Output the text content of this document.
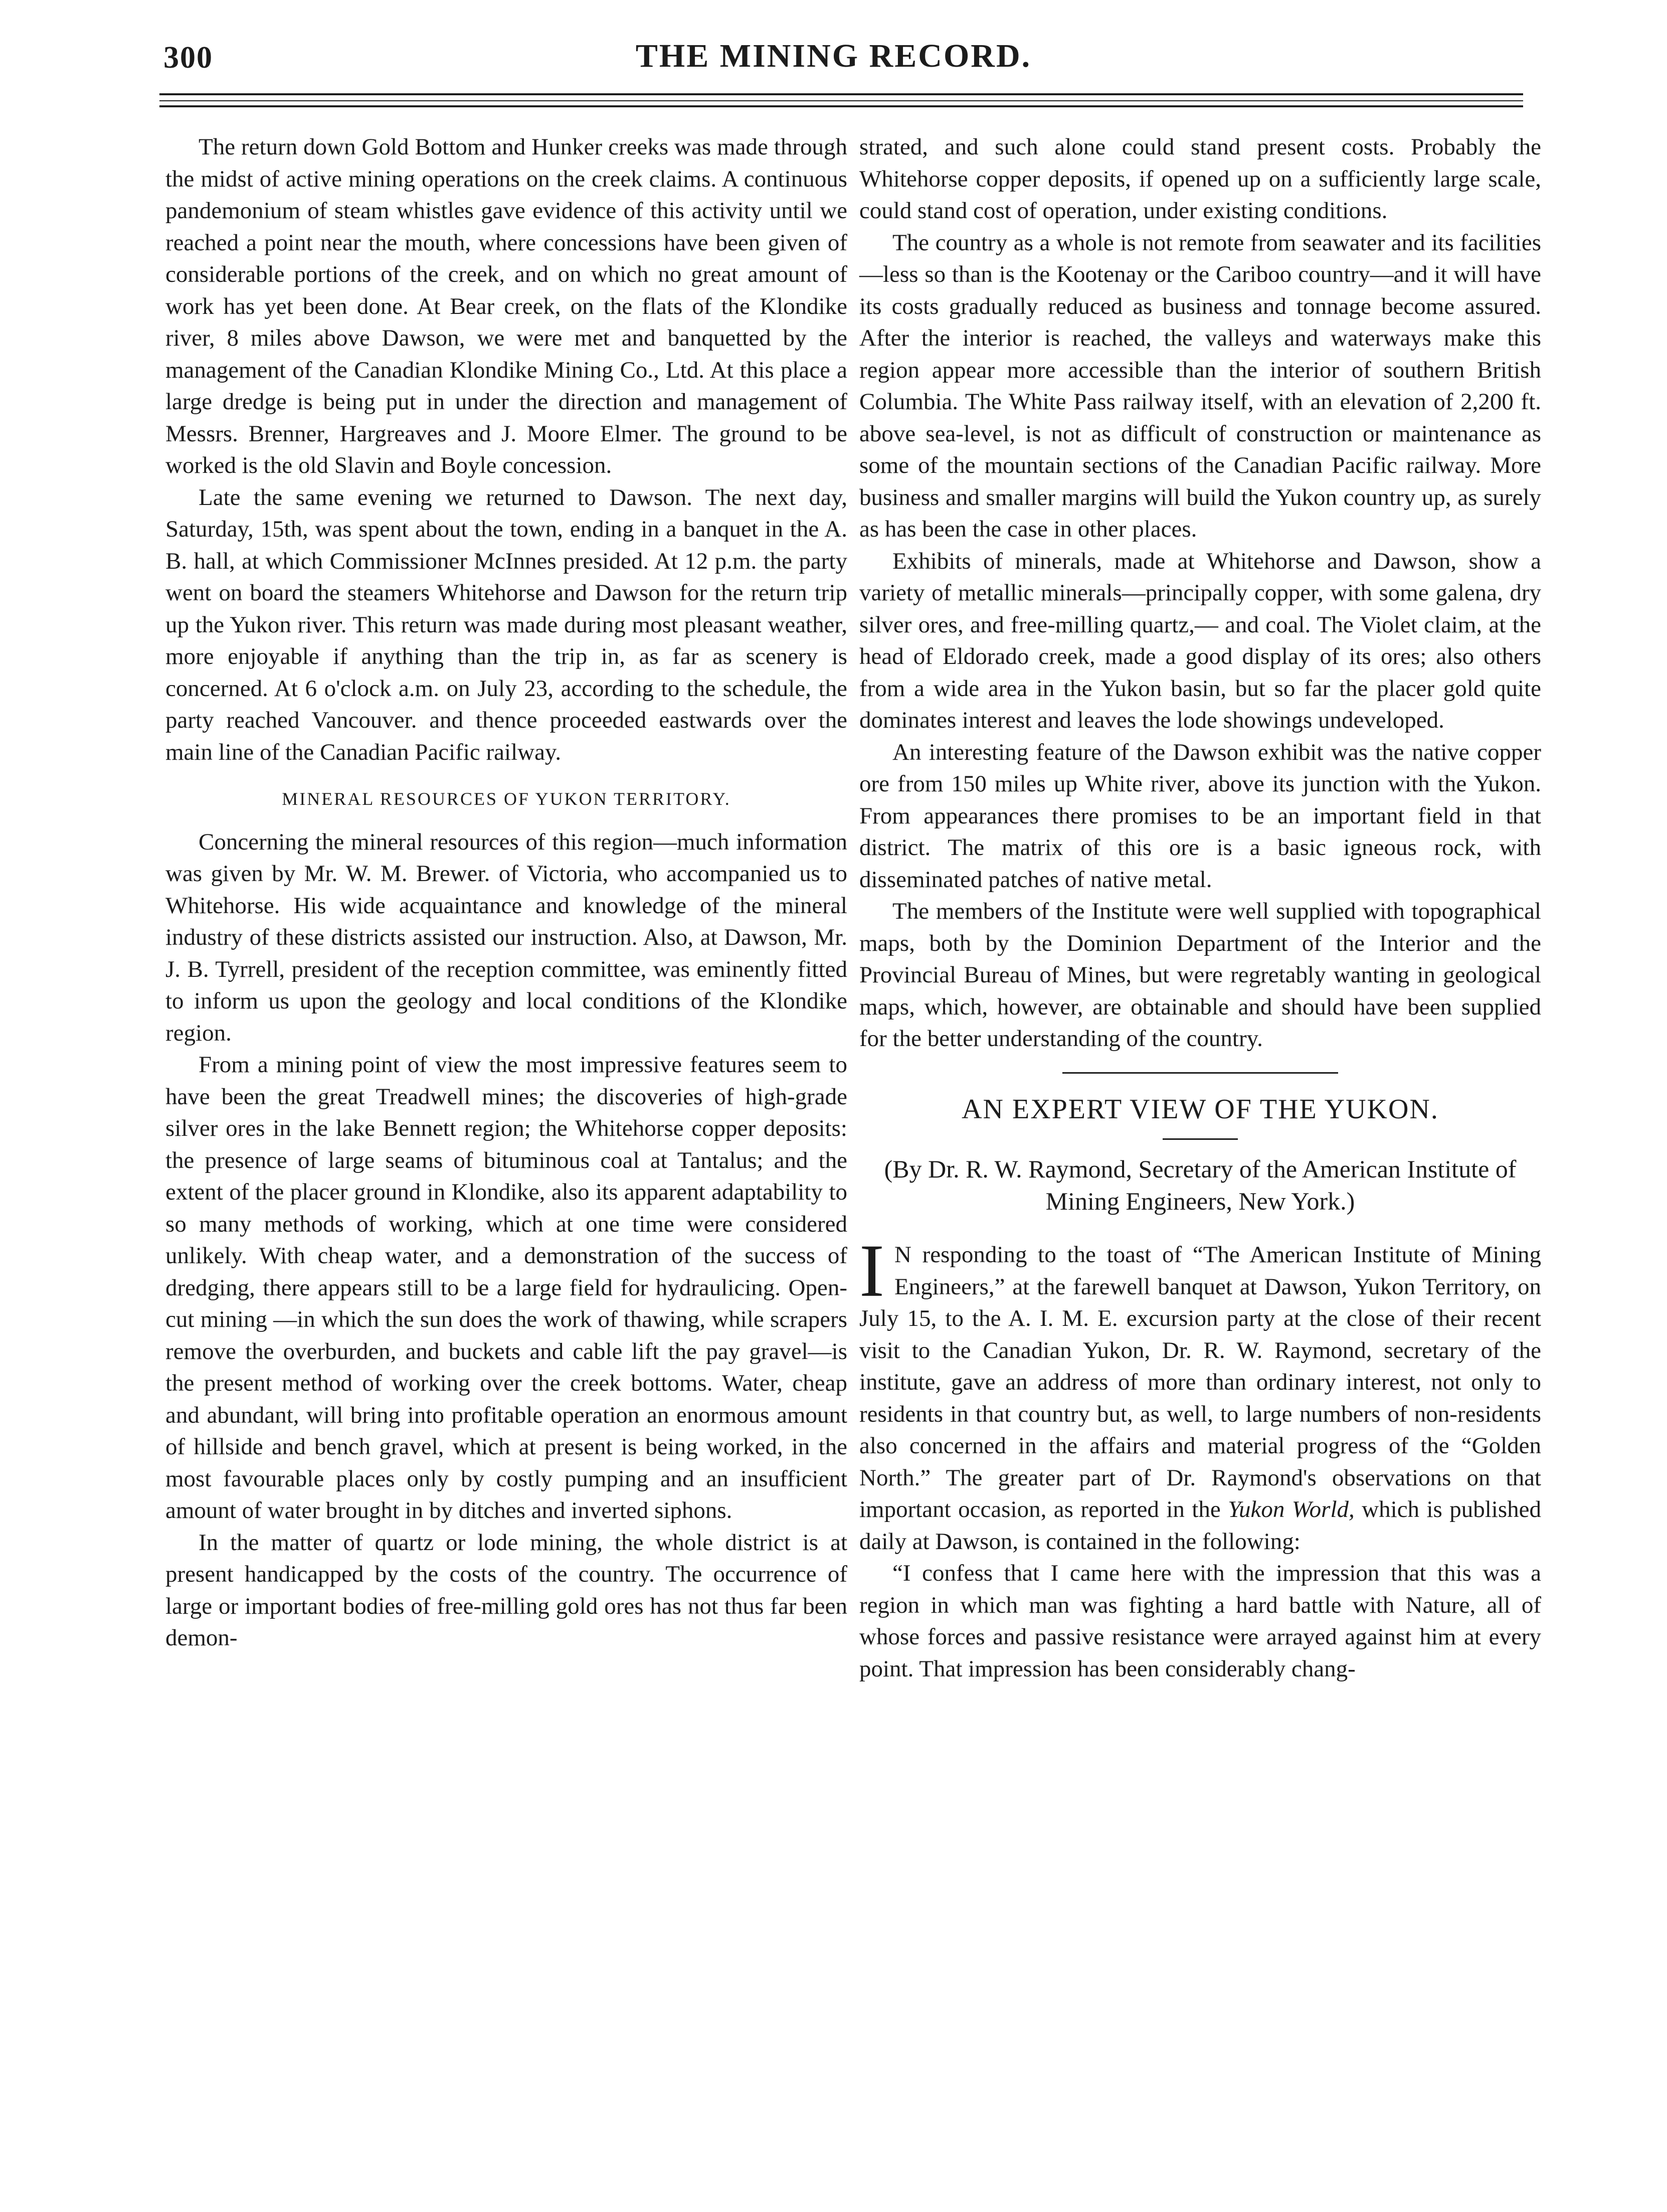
300	THE MINING RECORD.

The return down Gold Bottom and Hunker creeks was made through the midst of active mining operations on the creek claims. A continuous pandemonium of steam whistles gave evidence of this activity until we reached a point near the mouth, where concessions have been given of considerable portions of the creek, and on which no great amount of work has yet been done. At Bear creek, on the flats of the Klondike river, 8 miles above Dawson, we were met and banquetted by the management of the Canadian Klondike Mining Co., Ltd. At this place a large dredge is being put in under the direction and management of Messrs. Brenner, Hargreaves and J. Moore Elmer. The ground to be worked is the old Slavin and Boyle concession.

Late the same evening we returned to Dawson. The next day, Saturday, 15th, was spent about the town, ending in a banquet in the A. B. hall, at which Commissioner McInnes presided. At 12 p.m. the party went on board the steamers Whitehorse and Dawson for the return trip up the Yukon river. This return was made during most pleasant weather, more enjoyable if anything than the trip in, as far as scenery is concerned. At 6 o'clock a.m. on July 23, according to the schedule, the party reached Vancouver. and thence proceeded eastwards over the main line of the Canadian Pacific railway.

MINERAL RESOURCES OF YUKON TERRITORY.

Concerning the mineral resources of this region—much information was given by Mr. W. M. Brewer. of Victoria, who accompanied us to Whitehorse. His wide acquaintance and knowledge of the mineral industry of these districts assisted our instruction. Also, at Dawson, Mr. J. B. Tyrrell, president of the reception committee, was eminently fitted to inform us upon the geology and local conditions of the Klondike region.

From a mining point of view the most impressive features seem to have been the great Treadwell mines; the discoveries of high-grade silver ores in the lake Bennett region; the Whitehorse copper deposits: the presence of large seams of bituminous coal at Tantalus; and the extent of the placer ground in Klondike, also its apparent adaptability to so many methods of working, which at one time were considered unlikely. With cheap water, and a demonstration of the success of dredging, there appears still to be a large field for hydraulicing. Open-cut mining —in which the sun does the work of thawing, while scrapers remove the overburden, and buckets and cable lift the pay gravel—is the present method of working over the creek bottoms. Water, cheap and abundant, will bring into profitable operation an enormous amount of hillside and bench gravel, which at present is being worked, in the most favourable places only by costly pumping and an insufficient amount of water brought in by ditches and inverted siphons.

In the matter of quartz or lode mining, the whole district is at present handicapped by the costs of the country. The occurrence of large or important bodies of free-milling gold ores has not thus far been demon-

strated, and such alone could stand present costs. Probably the Whitehorse copper deposits, if opened up on a sufficiently large scale, could stand cost of operation, under existing conditions.

The country as a whole is not remote from seawater and its facilities—less so than is the Kootenay or the Cariboo country—and it will have its costs gradually reduced as business and tonnage become assured. After the interior is reached, the valleys and waterways make this region appear more accessible than the interior of southern British Columbia. The White Pass railway itself, with an elevation of 2,200 ft. above sea-level, is not as difficult of construction or maintenance as some of the mountain sections of the Canadian Pacific railway. More business and smaller margins will build the Yukon country up, as surely as has been the case in other places.

Exhibits of minerals, made at Whitehorse and Dawson, show a variety of metallic minerals—principally copper, with some galena, dry silver ores, and free-milling quartz,— and coal. The Violet claim, at the head of Eldorado creek, made a good display of its ores; also others from a wide area in the Yukon basin, but so far the placer gold quite dominates interest and leaves the lode showings undeveloped.

An interesting feature of the Dawson exhibit was the native copper ore from 150 miles up White river, above its junction with the Yukon. From appearances there promises to be an important field in that district. The matrix of this ore is a basic igneous rock, with disseminated patches of native metal.

The members of the Institute were well supplied with topographical maps, both by the Dominion Department of the Interior and the Provincial Bureau of Mines, but were regretably wanting in geological maps, which, however, are obtainable and should have been supplied for the better understanding of the country.

AN EXPERT VIEW OF THE YUKON.

(By Dr. R. W. Raymond, Secretary of the American Institute of Mining Engineers, New York.)

I N responding to the toast of “The American Institute of Mining Engineers,” at the farewell banquet at Dawson, Yukon Territory, on July 15, to the A. I. M. E. excursion party at the close of their recent visit to the Canadian Yukon, Dr. R. W. Raymond, secretary of the institute, gave an address of more than ordinary interest, not only to residents in that country but, as well, to large numbers of non-residents also concerned in the affairs and material progress of the “Golden North.” The greater part of Dr. Raymond's observations on that important occasion, as reported in the Yukon World, which is published daily at Dawson, is contained in the following:

“I confess that I came here with the impression that this was a region in which man was fighting a hard battle with Nature, all of whose forces and passive resistance were arrayed against him at every point. That impression has been considerably chang-
